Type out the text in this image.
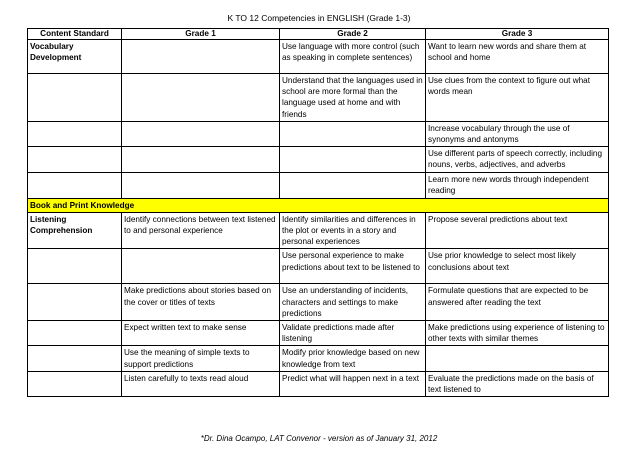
K TO 12 Competencies in ENGLISH (Grade 1-3)
Content Standard	Grade 1	Grade 2	Grade 3
Vocabulary Development		Use language with more control (such as speaking in complete sentences)	Want to learn new words and share them at school and home
		Understand that the languages used in school are more formal than the language used at home and with friends	Use clues from the context to figure out what words mean
			Increase vocabulary through the use of synonyms and antonyms
			Use different parts of speech correctly, including nouns, verbs, adjectives, and adverbs
			Learn more new words through independent reading
Book and Print Knowledge			
Listening Comprehension	Identify connections between text listened to and personal experience	Identify similarities and differences in the plot or events in a story and personal experiences	Propose several predictions about text
		Use personal experience to make predictions about text to be listened to	Use prior knowledge to select most likely conclusions about text
	Make predictions about stories based on the cover or titles of texts	Use an understanding of incidents, characters and settings to make predictions	Formulate questions that are expected to be answered after reading the text
	Expect written text to make sense	Validate predictions made after listening	Make predictions using experience of listening to other texts with similar themes
	Use the meaning of simple texts to support predictions	Modify prior knowledge based on new knowledge from text	
	Listen carefully to texts read aloud	Predict what will happen next in a text	Evaluate the predictions made on the basis of text listened to
*Dr. Dina Ocampo, LAT Convenor - version as of January 31, 2012
